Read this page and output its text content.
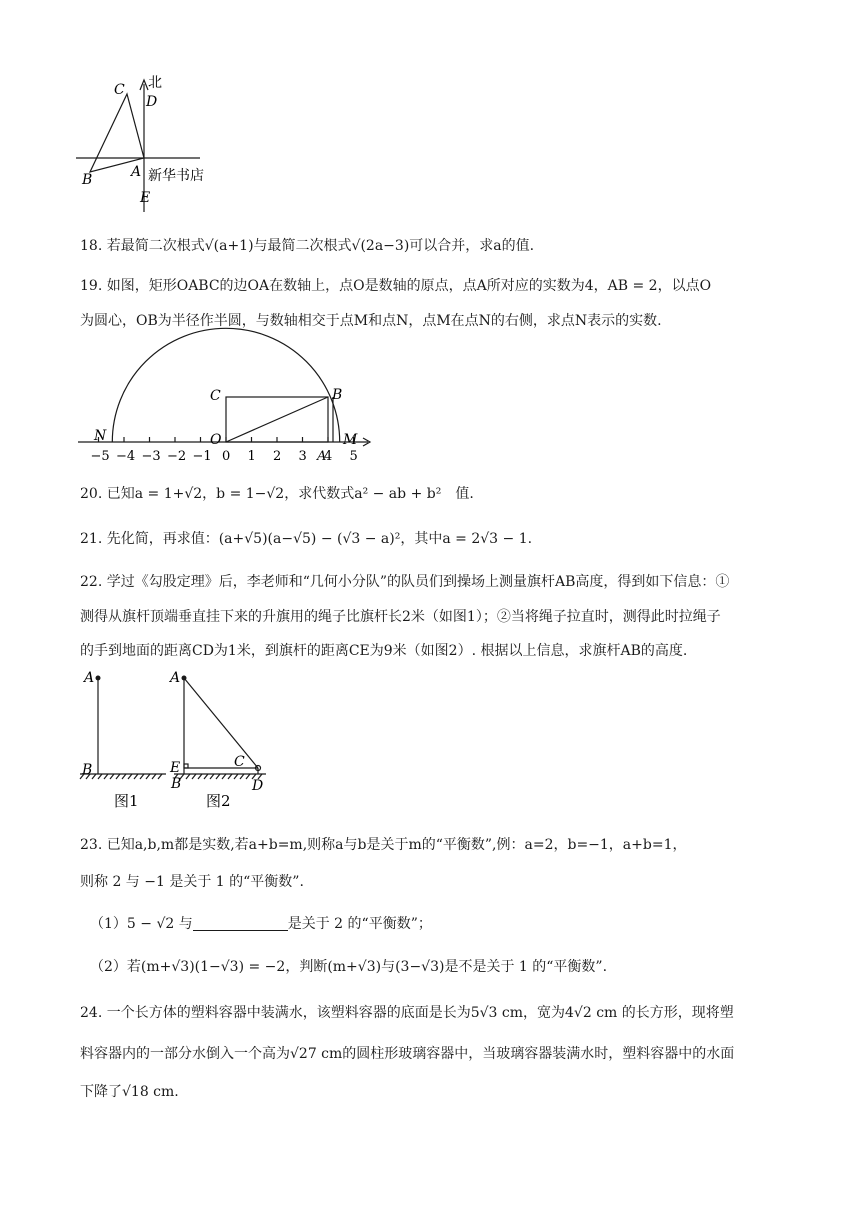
北
C
D
B	A 新华书店
E
18. 若最简二次根式√(a+1)与最简二次根式√(2a−3)可以合并，求a的值.
19. 如图，矩形OABC的边OA在数轴上，点O是数轴的原点，点A所对应的实数为4，AB = 2，以点O
为圆心，OB为半径作半圆，与数轴相交于点M和点N，点M在点N的右侧，求点N表示的实数.
−5 −4 −3 −2 −1 0 1 2 3 4 5
A
C	B
O
N	M
20. 已知a = 1+√2，b = 1−√2，求代数式a² − ab + b²　值.
21. 先化简，再求值：(a+√5)(a−√5) − (√3 − a)²，其中a = 2√3 − 1.
22. 学过《勾股定理》后，李老师和“几何小分队”的队员们到操场上测量旗杆AB高度，得到如下信息：①
测得从旗杆顶端垂直挂下来的升旗用的绳子比旗杆长2米（如图1）；②当将绳子拉直时，测得此时拉绳子
的手到地面的距离CD为1米，到旗杆的距离CE为9米（如图2）. 根据以上信息，求旗杆AB的高度.
A
B
图1
A
E
B
C
D
图2
23. 已知a,b,m都是实数,若a+b=m,则称a与b是关于m的“平衡数”,例：a=2，b=−1，a+b=1，
则称 2 与 −1 是关于 1 的“平衡数”.
（1）5 − √2 与	是关于 2 的“平衡数”；
（2）若(m+√3)(1−√3) = −2，判断(m+√3)与(3−√3)是不是关于 1 的“平衡数”.
24. 一个长方体的塑料容器中装满水，该塑料容器的底面是长为5√3 cm，宽为4√2 cm 的长方形，现将塑
料容器内的一部分水倒入一个高为√27 cm的圆柱形玻璃容器中，当玻璃容器装满水时，塑料容器中的水面
下降了√18 cm.
